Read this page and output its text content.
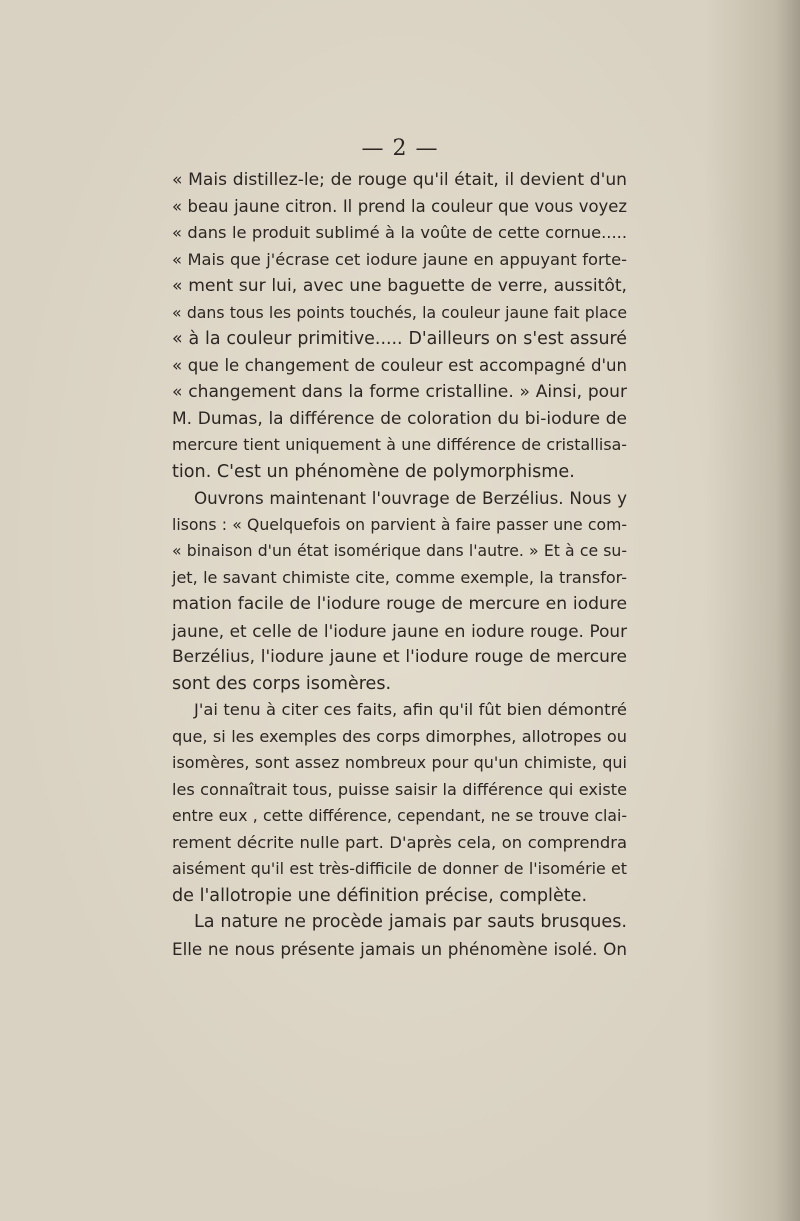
— 2 —
« Mais distillez-le; de rouge qu'il était, il devient d'un
« beau jaune citron. Il prend la couleur que vous voyez
« dans le produit sublimé à la voûte de cette cornue.....
« Mais que j'écrase cet iodure jaune en appuyant forte-
« ment sur lui, avec une baguette de verre, aussitôt,
« dans tous les points touchés, la couleur jaune fait place
« à la couleur primitive..... D'ailleurs on s'est assuré
« que le changement de couleur est accompagné d'un
« changement dans la forme cristalline. » Ainsi, pour
M. Dumas, la différence de coloration du bi-iodure de
mercure tient uniquement à une différence de cristallisa-
tion. C'est un phénomène de polymorphisme.
Ouvrons maintenant l'ouvrage de Berzélius. Nous y
lisons : « Quelquefois on parvient à faire passer une com-
« binaison d'un état isomérique dans l'autre. » Et à ce su-
jet, le savant chimiste cite, comme exemple, la transfor-
mation facile de l'iodure rouge de mercure en iodure
jaune, et celle de l'iodure jaune en iodure rouge. Pour
Berzélius, l'iodure jaune et l'iodure rouge de mercure
sont des corps isomères.
J'ai tenu à citer ces faits, afin qu'il fût bien démontré
que, si les exemples des corps dimorphes, allotropes ou
isomères, sont assez nombreux pour qu'un chimiste, qui
les connaîtrait tous, puisse saisir la différence qui existe
entre eux , cette différence, cependant, ne se trouve clai-
rement décrite nulle part. D'après cela, on comprendra
aisément qu'il est très-difficile de donner de l'isomérie et
de l'allotropie une définition précise, complète.
La nature ne procède jamais par sauts brusques.
Elle ne nous présente jamais un phénomène isolé. On
